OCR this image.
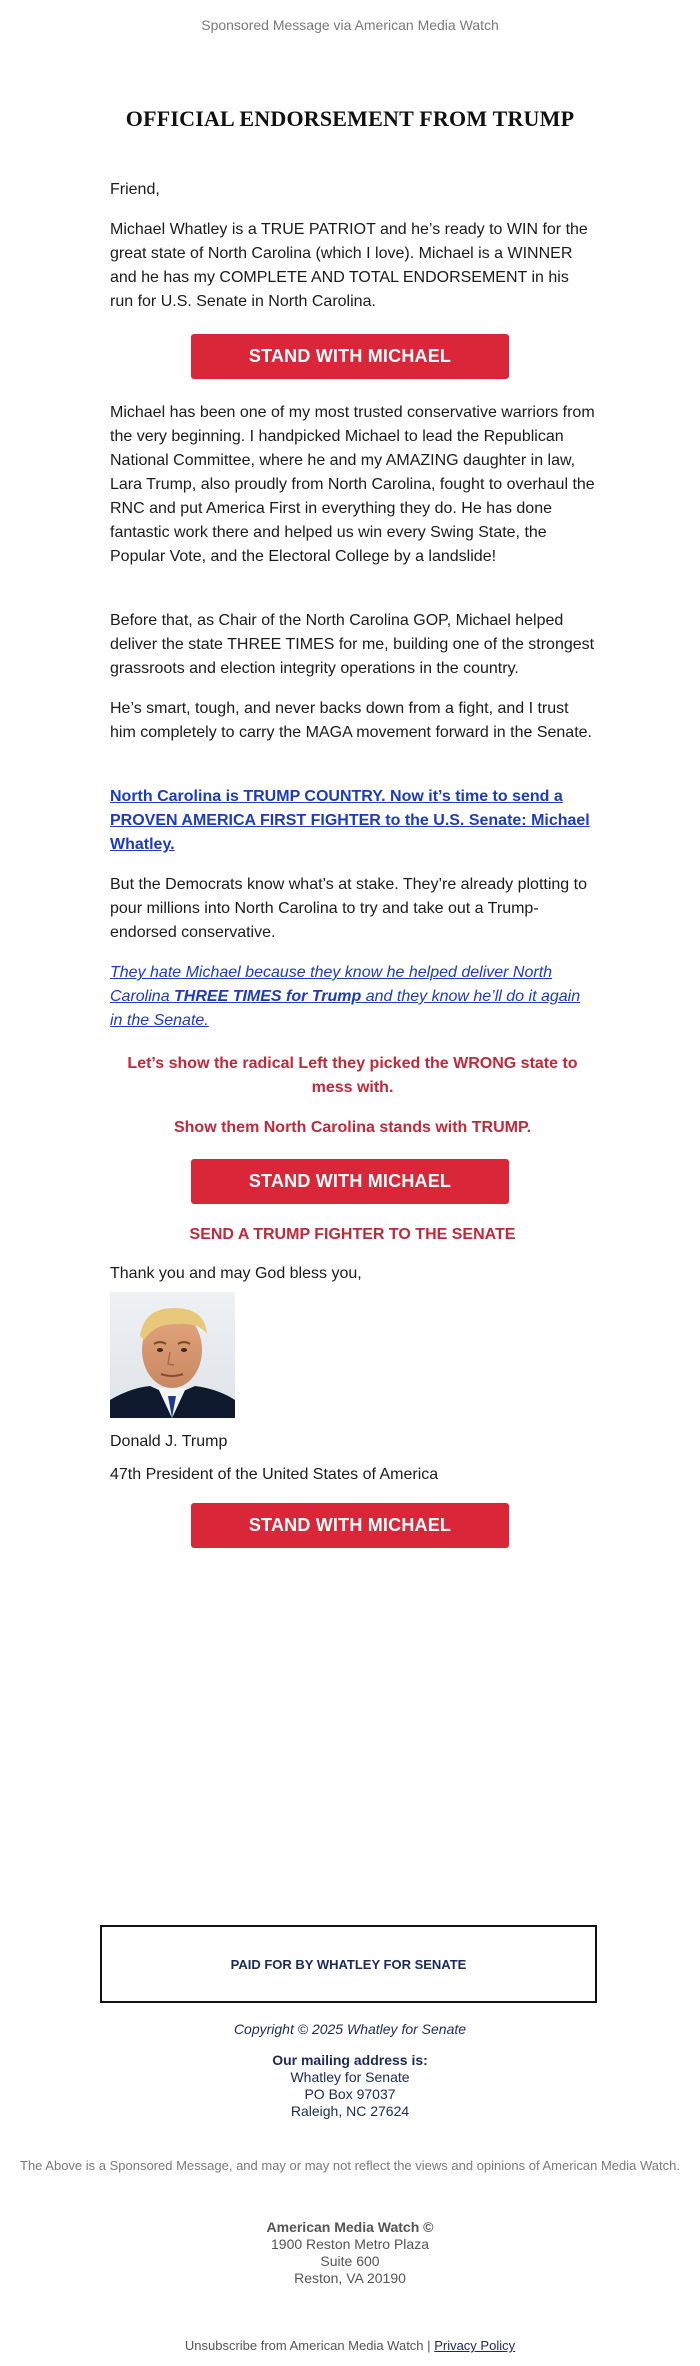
Sponsored Message via American Media Watch
OFFICIAL ENDORSEMENT FROM TRUMP

Friend,

Michael Whatley is a TRUE PATRIOT and he’s ready to WIN for the great state of North Carolina (which I love). Michael is a WINNER and he has my COMPLETE AND TOTAL ENDORSEMENT in his run for U.S. Senate in North Carolina.

STAND WITH MICHAEL

Michael has been one of my most trusted conservative warriors from the very beginning. I handpicked Michael to lead the Republican National Committee, where he and my AMAZING daughter in law, Lara Trump, also proudly from North Carolina, fought to overhaul the RNC and put America First in everything they do. He has done fantastic work there and helped us win every Swing State, the Popular Vote, and the Electoral College by a landslide!

Before that, as Chair of the North Carolina GOP, Michael helped deliver the state THREE TIMES for me, building one of the strongest grassroots and election integrity operations in the country.

He’s smart, tough, and never backs down from a fight, and I trust him completely to carry the MAGA movement forward in the Senate.

North Carolina is TRUMP COUNTRY. Now it’s time to send a PROVEN AMERICA FIRST FIGHTER to the U.S. Senate: Michael Whatley.

But the Democrats know what’s at stake. They’re already plotting to pour millions into North Carolina to try and take out a Trump-endorsed conservative.

They hate Michael because they know he helped deliver North Carolina THREE TIMES for Trump and they know he’ll do it again in the Senate.

Let’s show the radical Left they picked the WRONG state to mess with.
Show them North Carolina stands with TRUMP.
STAND WITH MICHAEL
SEND A TRUMP FIGHTER TO THE SENATE

Thank you and may God bless you,

Donald J. Trump

47th President of the United States of America

STAND WITH MICHAEL
PAID FOR BY WHATLEY FOR SENATE
Copyright © 2025 Whatley for Senate
Our mailing address is:
Whatley for Senate
PO Box 97037
Raleigh, NC 27624
The Above is a Sponsored Message, and may or may not reflect the views and opinions of American Media Watch.
American Media Watch ©
1900 Reston Metro Plaza
Suite 600
Reston, VA 20190
Unsubscribe from American Media Watch | Privacy Policy
